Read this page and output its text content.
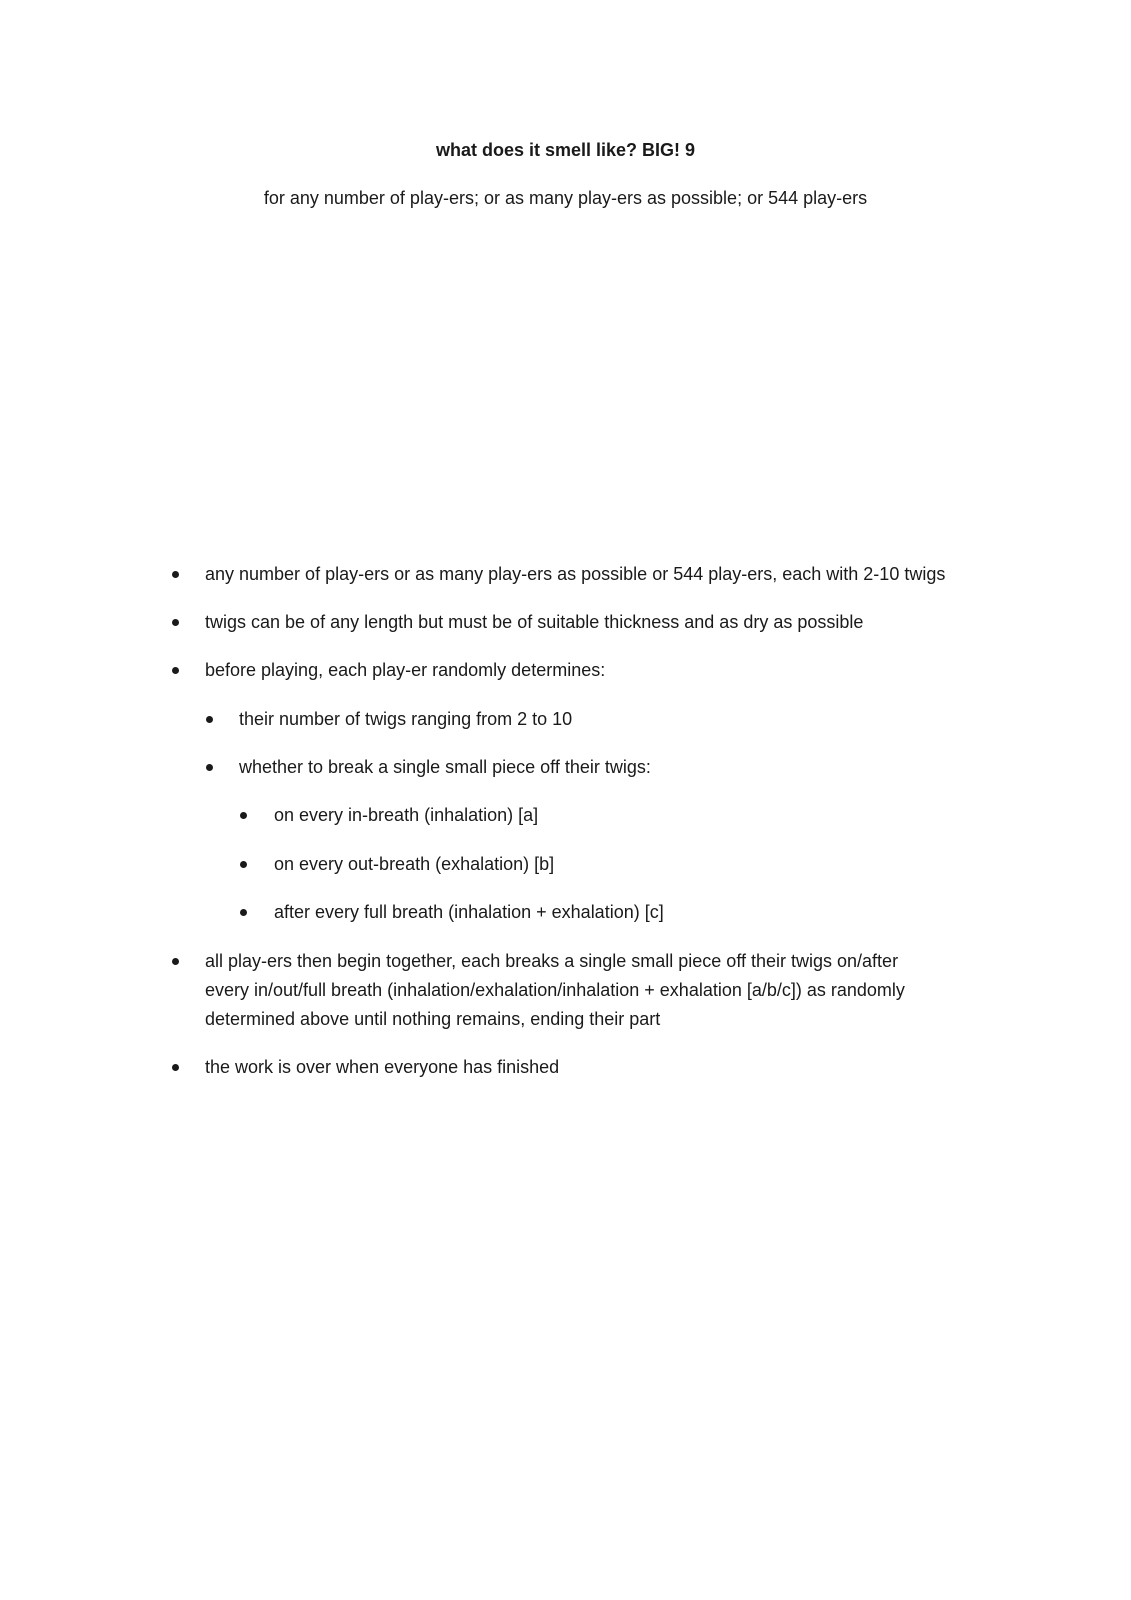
what does it smell like? BIG! 9
for any number of play-ers; or as many play-ers as possible; or 544 play-ers
any number of play-ers or as many play-ers as possible or 544 play-ers, each with 2-10 twigs
twigs can be of any length but must be of suitable thickness and as dry as possible
before playing, each play-er randomly determines:
their number of twigs ranging from 2 to 10
whether to break a single small piece off their twigs:
on every in-breath (inhalation) [a]
on every out-breath (exhalation) [b]
after every full breath (inhalation + exhalation) [c]
all play-ers then begin together, each breaks a single small piece off their twigs on/after
every in/out/full breath (inhalation/exhalation/inhalation + exhalation [a/b/c]) as randomly
determined above until nothing remains, ending their part
the work is over when everyone has finished
